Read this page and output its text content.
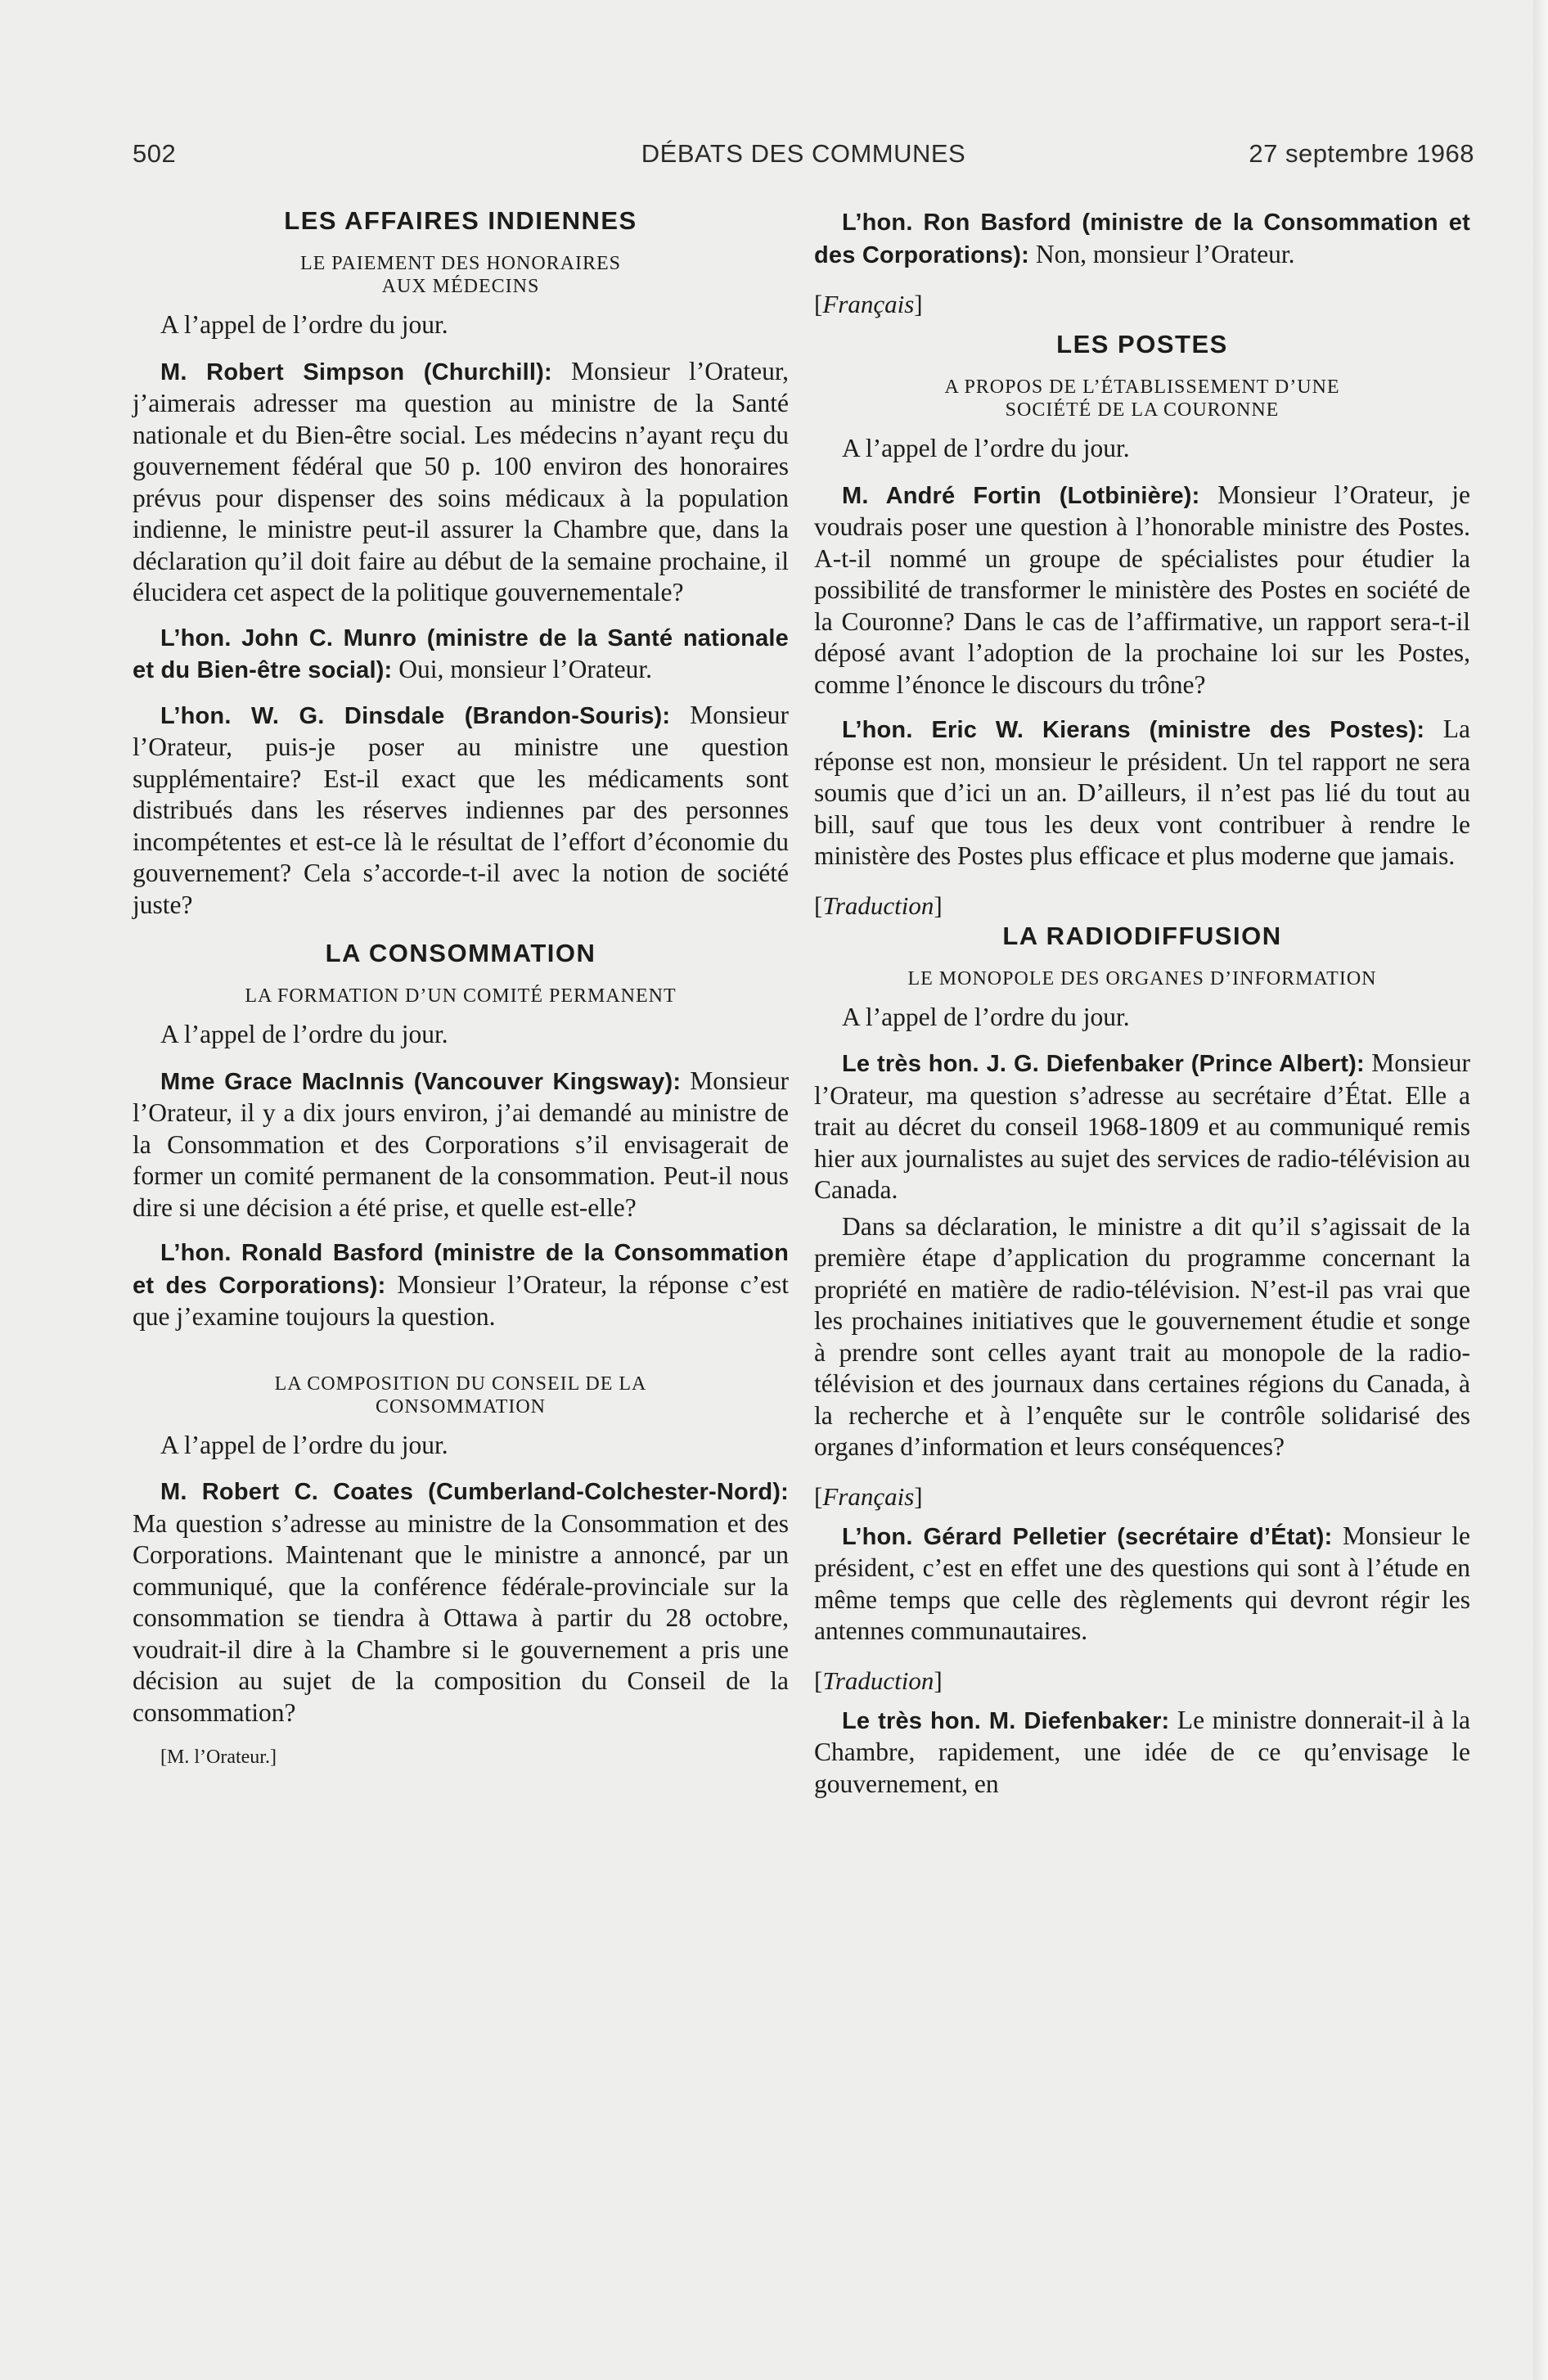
502	DÉBATS DES COMMUNES	27 septembre 1968
LES AFFAIRES INDIENNES
LE PAIEMENT DES HONORAIRES
AUX MÉDECINS

A l’appel de l’ordre du jour.

M. Robert Simpson (Churchill): Monsieur l’Orateur, j’aimerais adresser ma question au ministre de la Santé nationale et du Bien-être social. Les médecins n’ayant reçu du gouvernement fédéral que 50 p. 100 environ des honoraires prévus pour dispenser des soins médicaux à la population indienne, le ministre peut-il assurer la Chambre que, dans la déclaration qu’il doit faire au début de la semaine prochaine, il élucidera cet aspect de la politique gouvernementale?

L’hon. John C. Munro (ministre de la Santé nationale et du Bien-être social): Oui, monsieur l’Orateur.

L’hon. W. G. Dinsdale (Brandon-Souris): Monsieur l’Orateur, puis-je poser au ministre une question supplémentaire? Est-il exact que les médicaments sont distribués dans les réserves indiennes par des personnes incompétentes et est-ce là le résultat de l’effort d’économie du gouvernement? Cela s’accorde-t-il avec la notion de société juste?

LA CONSOMMATION
LA FORMATION D’UN COMITÉ PERMANENT

A l’appel de l’ordre du jour.

Mme Grace MacInnis (Vancouver Kingsway): Monsieur l’Orateur, il y a dix jours environ, j’ai demandé au ministre de la Consommation et des Corporations s’il envisagerait de former un comité permanent de la consommation. Peut-il nous dire si une décision a été prise, et quelle est-elle?

L’hon. Ronald Basford (ministre de la Consommation et des Corporations): Monsieur l’Orateur, la réponse c’est que j’examine toujours la question.

LA COMPOSITION DU CONSEIL DE LA
CONSOMMATION

A l’appel de l’ordre du jour.

M. Robert C. Coates (Cumberland-Colchester-Nord): Ma question s’adresse au ministre de la Consommation et des Corporations. Maintenant que le ministre a annoncé, par un communiqué, que la conférence fédérale-provinciale sur la consommation se tiendra à Ottawa à partir du 28 octobre, voudrait-il dire à la Chambre si le gouvernement a pris une décision au sujet de la composition du Conseil de la consommation?

[M. l’Orateur.]

L’hon. Ron Basford (ministre de la Consommation et des Corporations): Non, monsieur l’Orateur.

[Français]

LES POSTES
A PROPOS DE L’ÉTABLISSEMENT D’UNE
SOCIÉTÉ DE LA COURONNE

A l’appel de l’ordre du jour.

M. André Fortin (Lotbinière): Monsieur l’Orateur, je voudrais poser une question à l’honorable ministre des Postes. A-t-il nommé un groupe de spécialistes pour étudier la possibilité de transformer le ministère des Postes en société de la Couronne? Dans le cas de l’affirmative, un rapport sera-t-il déposé avant l’adoption de la prochaine loi sur les Postes, comme l’énonce le discours du trône?

L’hon. Eric W. Kierans (ministre des Postes): La réponse est non, monsieur le président. Un tel rapport ne sera soumis que d’ici un an. D’ailleurs, il n’est pas lié du tout au bill, sauf que tous les deux vont contribuer à rendre le ministère des Postes plus efficace et plus moderne que jamais.

[Traduction]

LA RADIODIFFUSION
LE MONOPOLE DES ORGANES D’INFORMATION

A l’appel de l’ordre du jour.

Le très hon. J. G. Diefenbaker (Prince Albert): Monsieur l’Orateur, ma question s’adresse au secrétaire d’État. Elle a trait au décret du conseil 1968-1809 et au communiqué remis hier aux journalistes au sujet des services de radio-télévision au Canada.

Dans sa déclaration, le ministre a dit qu’il s’agissait de la première étape d’application du programme concernant la propriété en matière de radio-télévision. N’est-il pas vrai que les prochaines initiatives que le gouvernement étudie et songe à prendre sont celles ayant trait au monopole de la radio-télévision et des journaux dans certaines régions du Canada, à la recherche et à l’enquête sur le contrôle solidarisé des organes d’information et leurs conséquences?

[Français]

L’hon. Gérard Pelletier (secrétaire d’État): Monsieur le président, c’est en effet une des questions qui sont à l’étude en même temps que celle des règlements qui devront régir les antennes communautaires.

[Traduction]

Le très hon. M. Diefenbaker: Le ministre donnerait-il à la Chambre, rapidement, une idée de ce qu’envisage le gouvernement, en
